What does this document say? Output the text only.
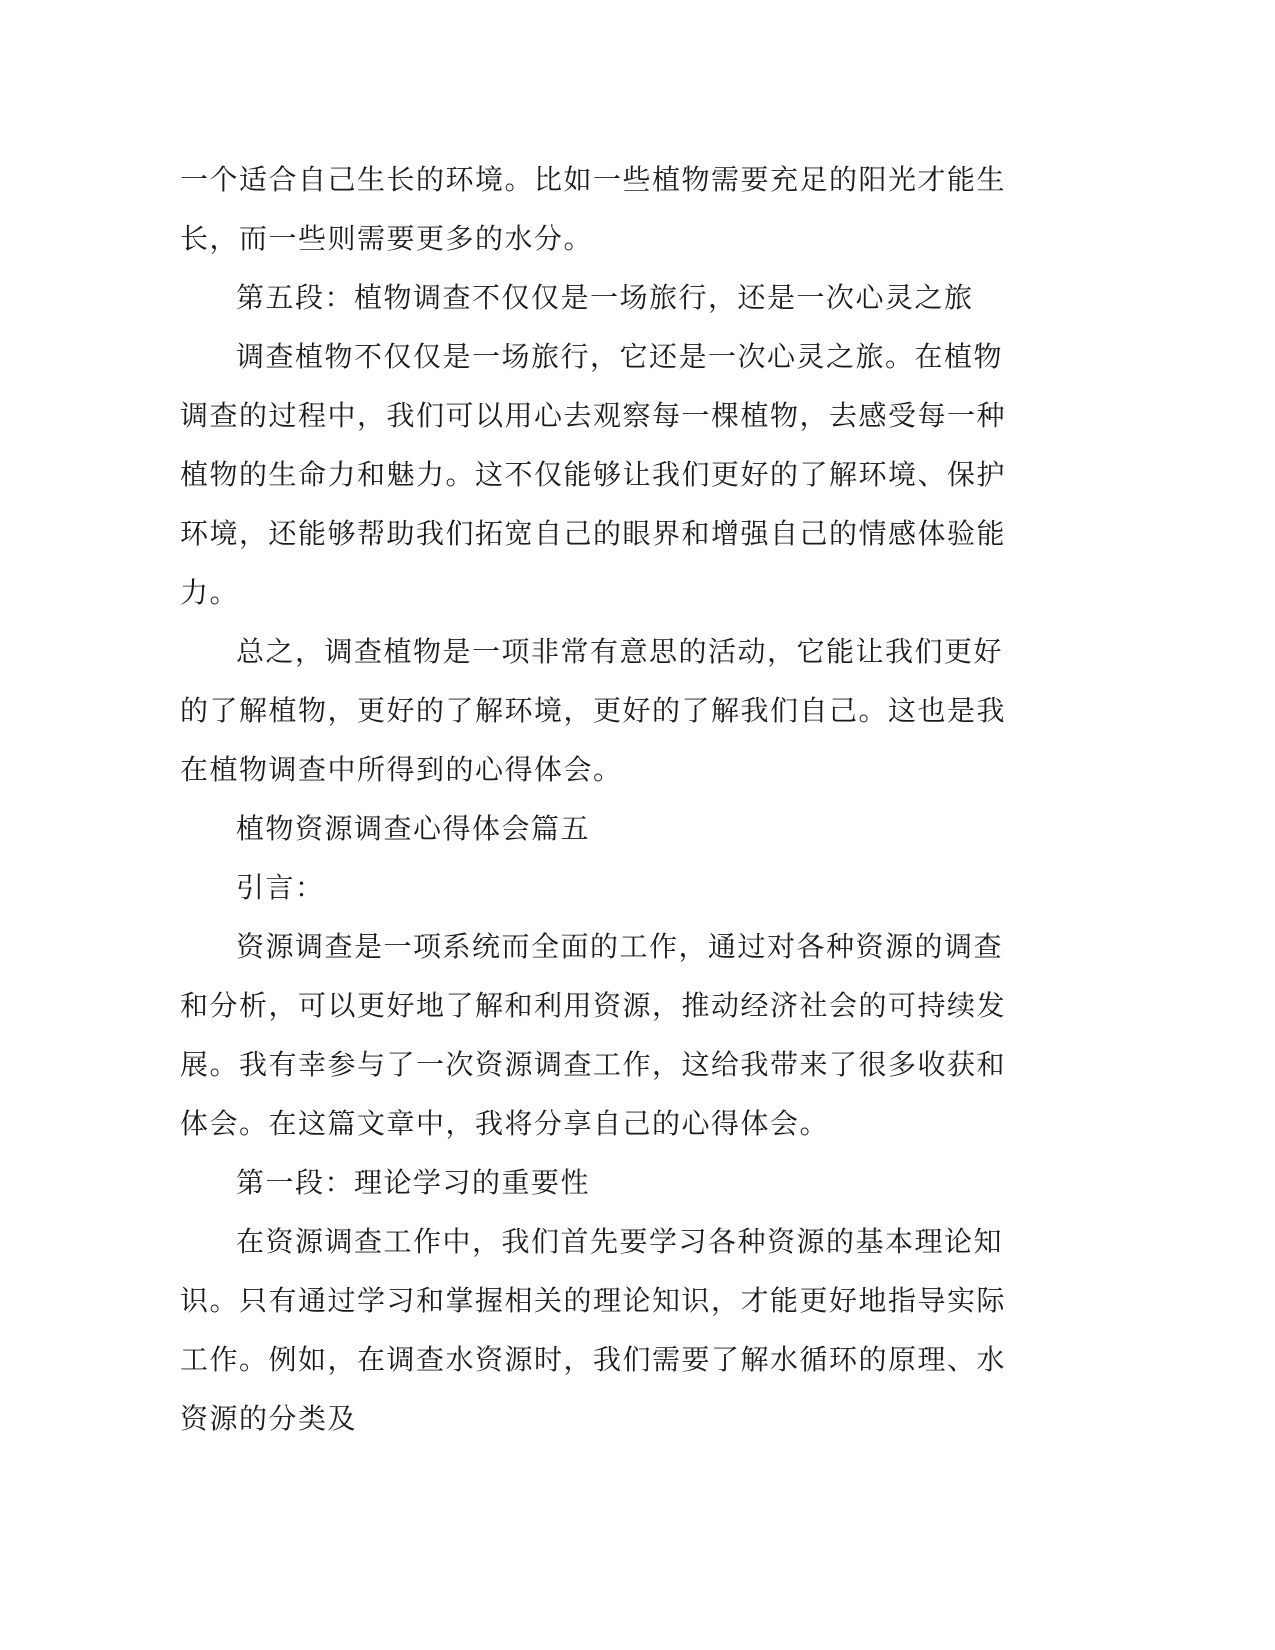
一个适合自己生长的环境。比如一些植物需要充足的阳光才能生长，而一些则需要更多的水分。

第五段：植物调查不仅仅是一场旅行，还是一次心灵之旅

调查植物不仅仅是一场旅行，它还是一次心灵之旅。在植物调查的过程中，我们可以用心去观察每一棵植物，去感受每一种植物的生命力和魅力。这不仅能够让我们更好的了解环境、保护环境，还能够帮助我们拓宽自己的眼界和增强自己的情感体验能力。

总之，调查植物是一项非常有意思的活动，它能让我们更好的了解植物，更好的了解环境，更好的了解我们自己。这也是我在植物调查中所得到的心得体会。

植物资源调查心得体会篇五

引言：

资源调查是一项系统而全面的工作，通过对各种资源的调查和分析，可以更好地了解和利用资源，推动经济社会的可持续发展。我有幸参与了一次资源调查工作，这给我带来了很多收获和体会。在这篇文章中，我将分享自己的心得体会。

第一段：理论学习的重要性

在资源调查工作中，我们首先要学习各种资源的基本理论知识。只有通过学习和掌握相关的理论知识，才能更好地指导实际工作。例如，在调查水资源时，我们需要了解水循环的原理、水资源的分类及
